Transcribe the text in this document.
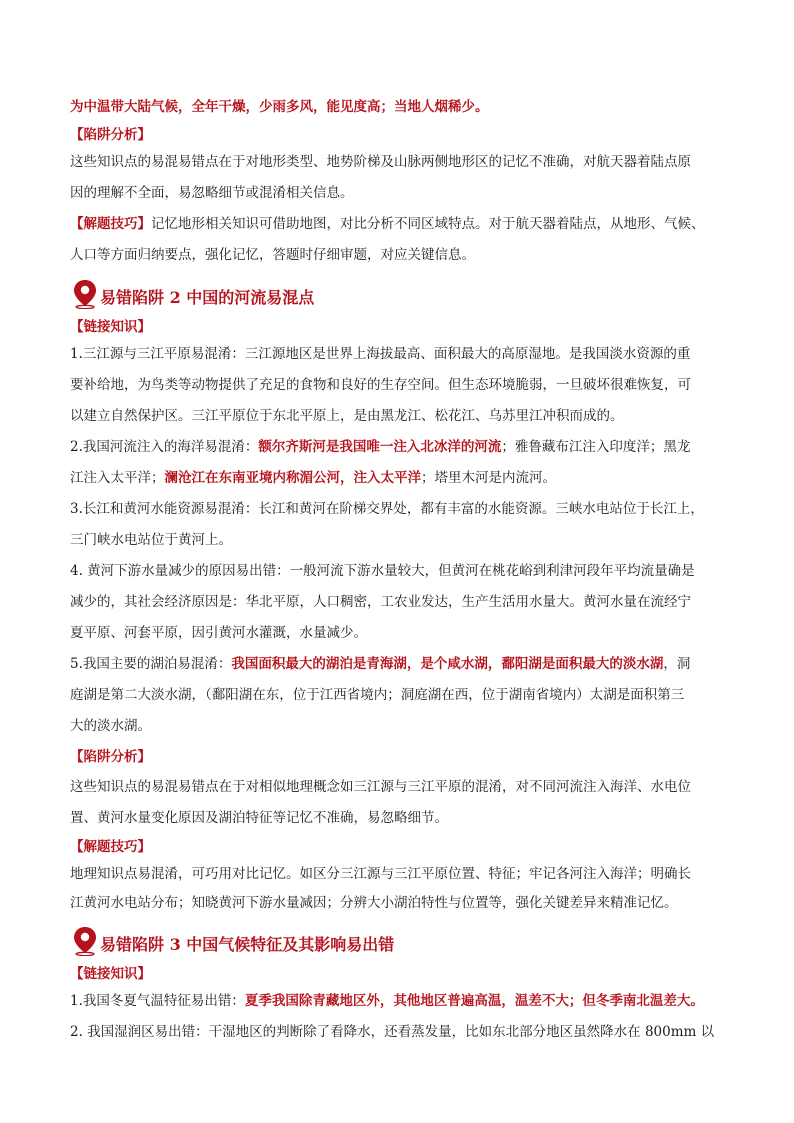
为中温带大陆气候，全年干燥，少雨多风，能见度高；当地人烟稀少。

【陷阱分析】

这些知识点的易混易错点在于对地形类型、地势阶梯及山脉两侧地形区的记忆不准确，对航天器着陆点原

因的理解不全面，易忽略细节或混淆相关信息。

【解题技巧】记忆地形相关知识可借助地图，对比分析不同区域特点。对于航天器着陆点，从地形、气候、

人口等方面归纳要点，强化记忆，答题时仔细审题，对应关键信息。

易错陷阱 2 中国的河流易混点

【链接知识】

1.三江源与三江平原易混淆：三江源地区是世界上海拔最高、面积最大的高原湿地。是我国淡水资源的重

要补给地，为鸟类等动物提供了充足的食物和良好的生存空间。但生态环境脆弱，一旦破坏很难恢复，可

以建立自然保护区。三江平原位于东北平原上，是由黑龙江、松花江、乌苏里江冲积而成的。

2.我国河流注入的海洋易混淆：额尔齐斯河是我国唯一注入北冰洋的河流；雅鲁藏布江注入印度洋；黑龙

江注入太平洋；澜沧江在东南亚境内称湄公河，注入太平洋；塔里木河是内流河。

3.长江和黄河水能资源易混淆：长江和黄河在阶梯交界处，都有丰富的水能资源。三峡水电站位于长江上，

三门峡水电站位于黄河上。

4. 黄河下游水量减少的原因易出错：一般河流下游水量较大，但黄河在桃花峪到利津河段年平均流量确是

减少的，其社会经济原因是：华北平原，人口稠密，工农业发达，生产生活用水量大。黄河水量在流经宁

夏平原、河套平原，因引黄河水灌溉，水量减少。

5.我国主要的湖泊易混淆：我国面积最大的湖泊是青海湖，是个咸水湖，鄱阳湖是面积最大的淡水湖，洞

庭湖是第二大淡水湖，（鄱阳湖在东，位于江西省境内；洞庭湖在西，位于湖南省境内）太湖是面积第三

大的淡水湖。

【陷阱分析】

这些知识点的易混易错点在于对相似地理概念如三江源与三江平原的混淆，对不同河流注入海洋、水电位

置、黄河水量变化原因及湖泊特征等记忆不准确，易忽略细节。

【解题技巧】

地理知识点易混淆，可巧用对比记忆。如区分三江源与三江平原位置、特征；牢记各河注入海洋；明确长

江黄河水电站分布；知晓黄河下游水量减因；分辨大小湖泊特性与位置等，强化关键差异来精准记忆。

易错陷阱 3 中国气候特征及其影响易出错

【链接知识】

1.我国冬夏气温特征易出错：夏季我国除青藏地区外，其他地区普遍高温，温差不大；但冬季南北温差大。

2. 我国湿润区易出错：干湿地区的判断除了看降水，还看蒸发量，比如东北部分地区虽然降水在 800mm 以
